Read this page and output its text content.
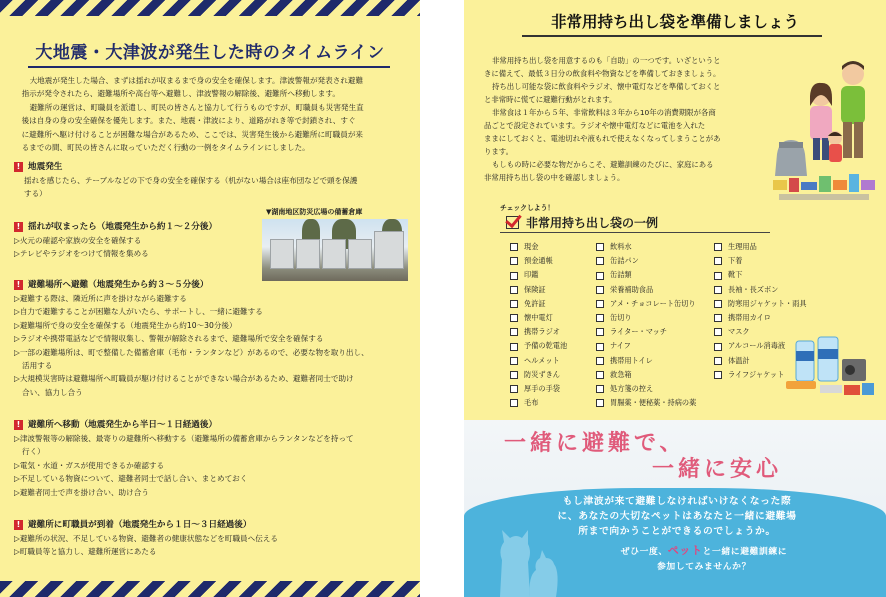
大地震・大津波が発生した時のタイムライン
大地震が発生した場合、まずは揺れが収まるまで身の安全を確保します。津波警報が発表され避難
指示が発令されたら、避難場所や高台等へ避難し、津波警報の解除後、避難所へ移動します。
避難所の運営は、町職員を派遣し、町民の皆さんと協力して行うものですが、町職員も災害発生直
後は自身の身の安全確保を優先します。また、地震・津波により、道路がれき等で封鎖され、すぐ
に避難所へ駆け付けることが困難な場合があるため、ここでは、災害発生後から避難所に町職員が来
るまでの間、町民の皆さんに取っていただく行動の一例をタイムラインにしました。
! 地震発生
揺れを感じたら、テーブルなどの下で身の安全を確保する（机がない場合は座布団などで頭を保護
する）
! 揺れが収まったら（地震発生から約１～２分後）
▷火元の確認や家族の安全を確保する
▷テレビやラジオをつけて情報を集める
▼湖南地区防災広場の備蓄倉庫
! 避難場所へ避難（地震発生から約３～５分後）
▷避難する際は、隣近所に声を掛けながら避難する
▷自力で避難することが困難な人がいたら、サポートし、一緒に避難する
▷避難場所で身の安全を確保する（地震発生から約10～30分後）
▷ラジオや携帯電話などで情報収集し、警報が解除されるまで、避難場所で安全を確保する
▷一部の避難場所は、町で整備した備蓄倉庫（毛布・ランタンなど）があるので、必要な物を取り出し、
活用する
▷大規模災害時は避難場所へ町職員が駆け付けることができない場合があるため、避難者同士で助け
合い、協力し合う
! 避難所へ移動（地震発生から半日～１日経過後）
▷津波警報等の解除後、最寄りの避難所へ移動する（避難場所の備蓄倉庫からランタンなどを持って
行く）
▷電気・水道・ガスが使用できるか確認する
▷不足している物資について、避難者同士で話し合い、まとめておく
▷避難者同士で声を掛け合い、助け合う
! 避難所に町職員が到着（地震発生から１日～３日経過後）
▷避難所の状況、不足している物資、避難者の健康状態などを町職員へ伝える
▷町職員等と協力し、避難所運営にあたる
非常用持ち出し袋を準備しましょう
非常用持ち出し袋を用意するのも「自助」の一つです。いざというと
きに備えて、最低３日分の飲食料や物資などを準備しておきましょう。
持ち出し可能な袋に飲食料やラジオ、懐中電灯などを準備しておくと
と非常時に慌てに避難行動がとれます。
非常食は１年から５年、非常飲料は３年から10年の消費期限が各商
品ごとで設定されています。ラジオや懐中電灯などに電池を入れた
ままにしておくと、電池切れや液もれで使えなくなってしまうことがあ
ります。
もしもの時に必要な物だからこそ、避難訓練のたびに、家庭にある
非常用持ち出し袋の中を確認しましょう。
チェックしよう！
非常用持ち出し袋の一例
現金
預金通帳
印鑑
保険証
免許証
懐中電灯
携帯ラジオ
予備の乾電池
ヘルメット
防災ずきん
厚手の手袋
毛布
飲料水
缶詰パン
缶詰類
栄養補助食品
アメ・チョコレート缶切り
缶切り
ライター・マッチ
ナイフ
携帯用トイレ
救急箱
処方箋の控え
胃腸薬・便秘薬・持病の薬
生理用品
下着
靴下
長袖・長ズボン
防寒用ジャケット・雨具
携帯用カイロ
マスク
アルコール消毒液
体温計
ライフジャケット
一緒に避難で、
一緒に安心
もし津波が来て避難しなければいけなくなった際
に、あなたの大切なペットはあなたと一緒に避難場
所まで向かうことができるのでしょうか。
ぜひ一度、ペットと一緒に避難訓練に
参加してみませんか？
